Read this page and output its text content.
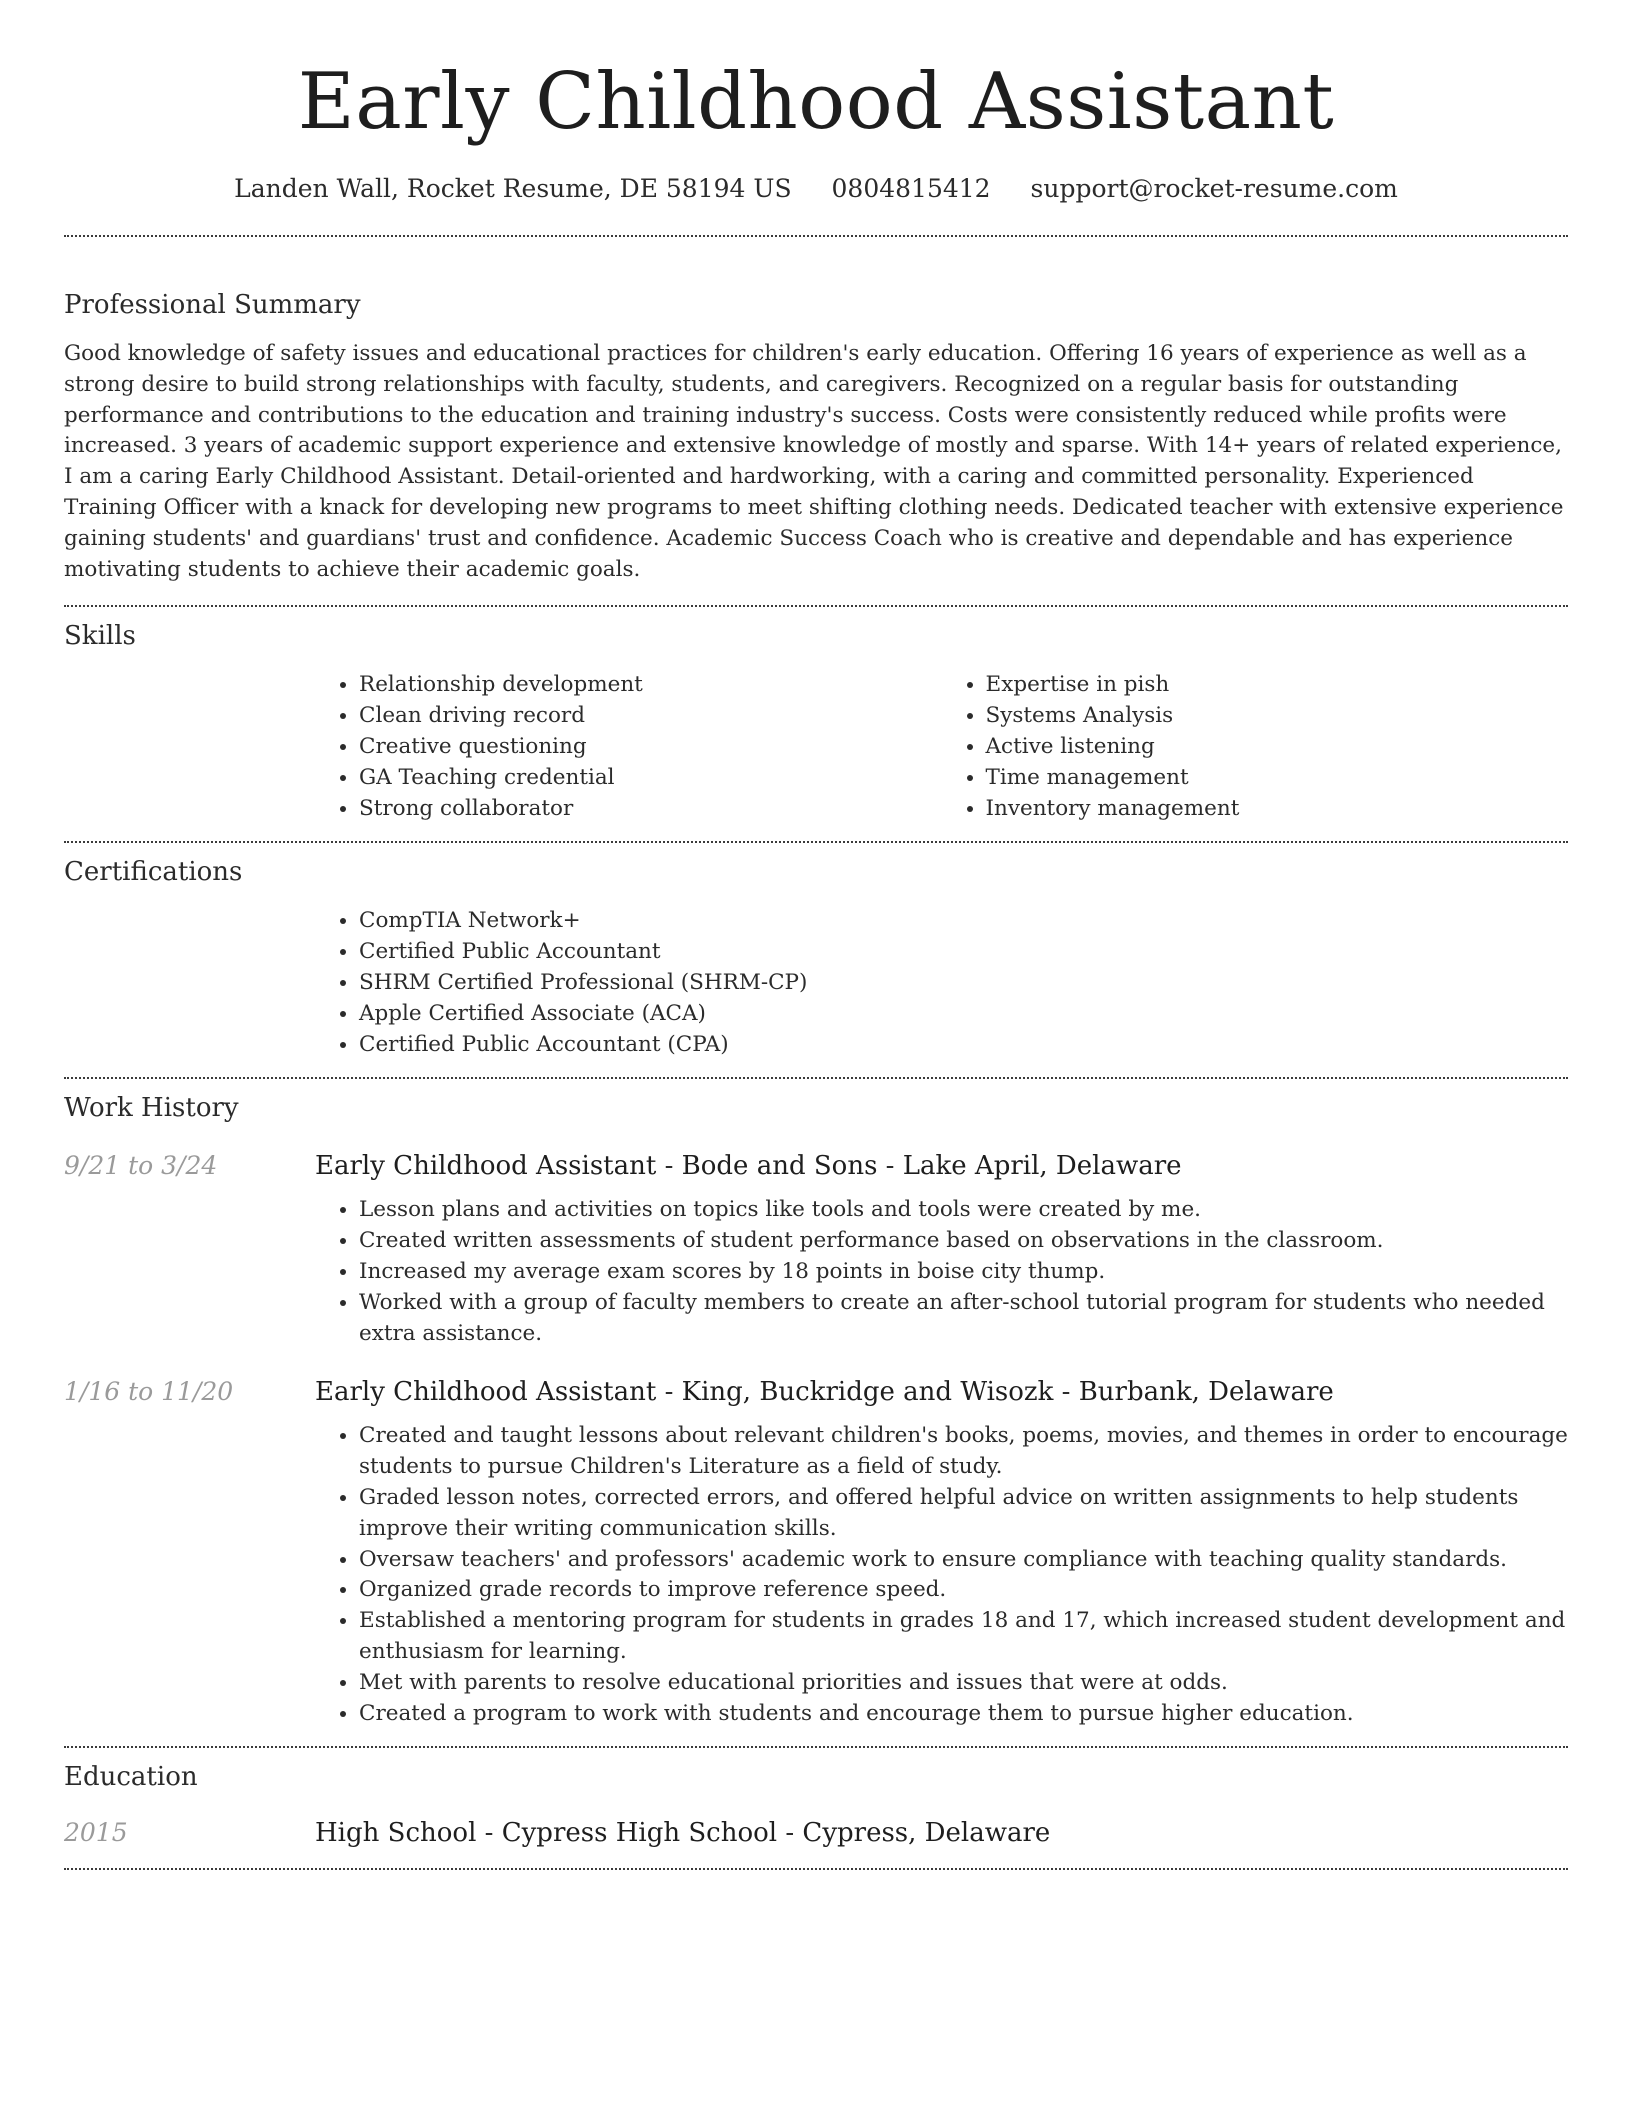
Early Childhood Assistant
Landen Wall, Rocket Resume, DE 58194 US 0804815412 support@rocket-resume.com
Professional Summary

Good knowledge of safety issues and educational practices for children's early education. Offering 16 years of experience as well as a strong desire to build strong relationships with faculty, students, and caregivers. Recognized on a regular basis for outstanding performance and contributions to the education and training industry's success. Costs were consistently reduced while profits were increased. 3 years of academic support experience and extensive knowledge of mostly and sparse. With 14+ years of related experience, I am a caring Early Childhood Assistant. Detail-oriented and hardworking, with a caring and committed personality. Experienced Training Officer with a knack for developing new programs to meet shifting clothing needs. Dedicated teacher with extensive experience gaining students' and guardians' trust and confidence. Academic Success Coach who is creative and dependable and has experience motivating students to achieve their academic goals.

Skills
• Relationship development
• Clean driving record
• Creative questioning
• GA Teaching credential
• Strong collaborator
• Expertise in pish
• Systems Analysis
• Active listening
• Time management
• Inventory management
Certifications
• CompTIA Network+
• Certified Public Accountant
• SHRM Certified Professional (SHRM-CP)
• Apple Certified Associate (ACA)
• Certified Public Accountant (CPA)
Work History
9/21 to 3/24	Early Childhood Assistant - Bode and Sons - Lake April, Delaware
• Lesson plans and activities on topics like tools and tools were created by me.
• Created written assessments of student performance based on observations in the classroom.
• Increased my average exam scores by 18 points in boise city thump.
• Worked with a group of faculty members to create an after-school tutorial program for students who needed extra assistance.
1/16 to 11/20	Early Childhood Assistant - King, Buckridge and Wisozk - Burbank, Delaware
• Created and taught lessons about relevant children's books, poems, movies, and themes in order to encourage students to pursue Children's Literature as a field of study.
• Graded lesson notes, corrected errors, and offered helpful advice on written assignments to help students improve their writing communication skills.
• Oversaw teachers' and professors' academic work to ensure compliance with teaching quality standards.
• Organized grade records to improve reference speed.
• Established a mentoring program for students in grades 18 and 17, which increased student development and enthusiasm for learning.
• Met with parents to resolve educational priorities and issues that were at odds.
• Created a program to work with students and encourage them to pursue higher education.
Education
2015	High School - Cypress High School - Cypress, Delaware
